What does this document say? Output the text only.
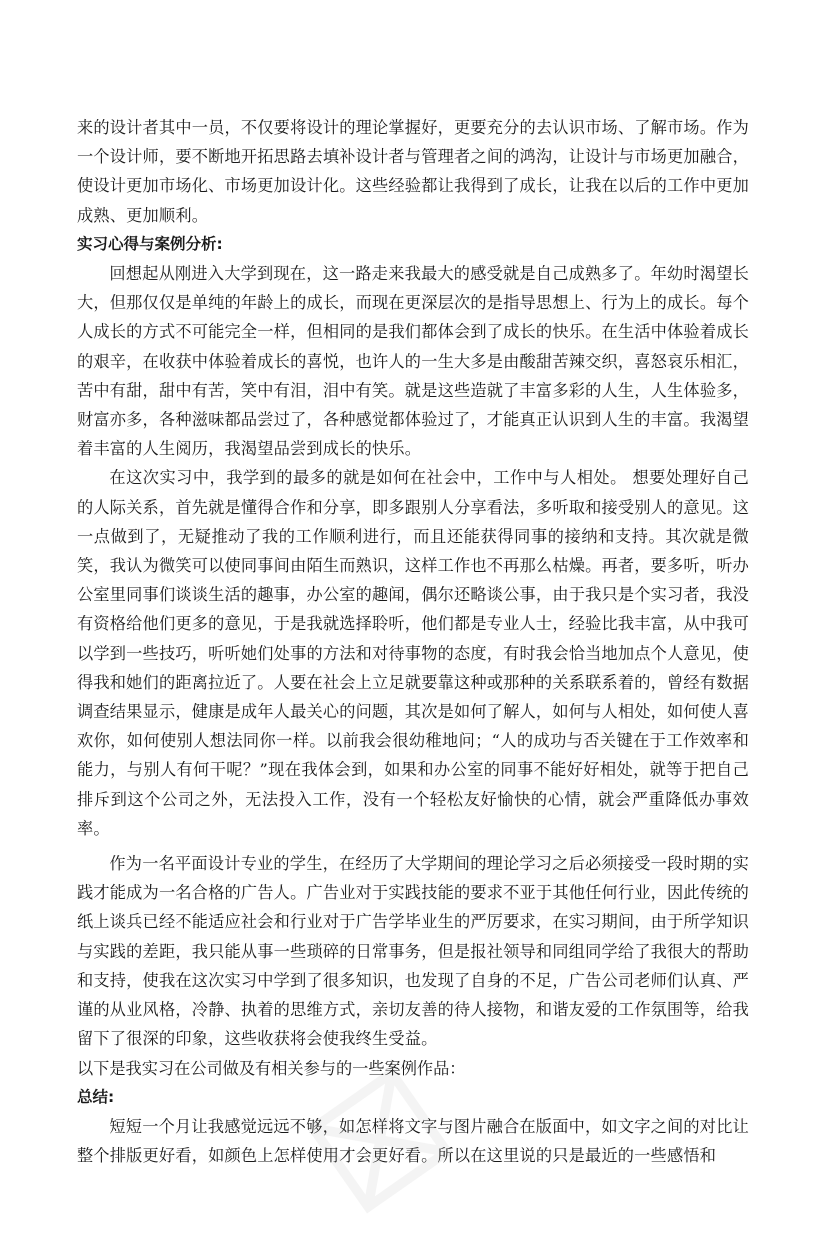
来的设计者其中一员，不仅要将设计的理论掌握好，更要充分的去认识市场、了解市场。作为一个设计师，要不断地开拓思路去填补设计者与管理者之间的鸿沟，让设计与市场更加融合，使设计更加市场化、市场更加设计化。这些经验都让我得到了成长，让我在以后的工作中更加成熟、更加顺利。

实习心得与案例分析:

回想起从刚进入大学到现在，这一路走来我最大的感受就是自己成熟多了。年幼时渴望长大，但那仅仅是单纯的年龄上的成长，而现在更深层次的是指导思想上、行为上的成长。每个人成长的方式不可能完全一样，但相同的是我们都体会到了成长的快乐。在生活中体验着成长的艰辛，在收获中体验着成长的喜悦，也许人的一生大多是由酸甜苦辣交织，喜怒哀乐相汇，苦中有甜，甜中有苦，笑中有泪，泪中有笑。就是这些造就了丰富多彩的人生，人生体验多，财富亦多，各种滋味都品尝过了，各种感觉都体验过了，才能真正认识到人生的丰富。我渴望着丰富的人生阅历，我渴望品尝到成长的快乐。

在这次实习中，我学到的最多的就是如何在社会中，工作中与人相处。 想要处理好自己的人际关系，首先就是懂得合作和分享，即多跟别人分享看法，多听取和接受别人的意见。这一点做到了，无疑推动了我的工作顺利进行，而且还能获得同事的接纳和支持。其次就是微笑，我认为微笑可以使同事间由陌生而熟识，这样工作也不再那么枯燥。再者，要多听，听办公室里同事们谈谈生活的趣事，办公室的趣闻，偶尔还略谈公事，由于我只是个实习者，我没有资格给他们更多的意见，于是我就选择聆听，他们都是专业人士，经验比我丰富，从中我可以学到一些技巧，听听她们处事的方法和对待事物的态度，有时我会恰当地加点个人意见，使得我和她们的距离拉近了。人要在社会上立足就要靠这种或那种的关系联系着的，曾经有数据调查结果显示，健康是成年人最关心的问题，其次是如何了解人，如何与人相处，如何使人喜欢你，如何使别人想法同你一样。以前我会很幼稚地问；“人的成功与否关键在于工作效率和能力，与别人有何干呢？”现在我体会到，如果和办公室的同事不能好好相处，就等于把自己排斥到这个公司之外，无法投入工作，没有一个轻松友好愉快的心情，就会严重降低办事效率。

作为一名平面设计专业的学生，在经历了大学期间的理论学习之后必须接受一段时期的实践才能成为一名合格的广告人。广告业对于实践技能的要求不亚于其他任何行业，因此传统的纸上谈兵已经不能适应社会和行业对于广告学毕业生的严厉要求，在实习期间，由于所学知识与实践的差距，我只能从事一些琐碎的日常事务，但是报社领导和同组同学给了我很大的帮助和支持，使我在这次实习中学到了很多知识，也发现了自身的不足，广告公司老师们认真、严谨的从业风格，冷静、执着的思维方式，亲切友善的待人接物，和谐友爱的工作氛围等，给我留下了很深的印象，这些收获将会使我终生受益。

以下是我实习在公司做及有相关参与的一些案例作品：

总结:

短短一个月让我感觉远远不够，如怎样将文字与图片融合在版面中，如文字之间的对比让整个排版更好看，如颜色上怎样使用才会更好看。所以在这里说的只是最近的一些感悟和
